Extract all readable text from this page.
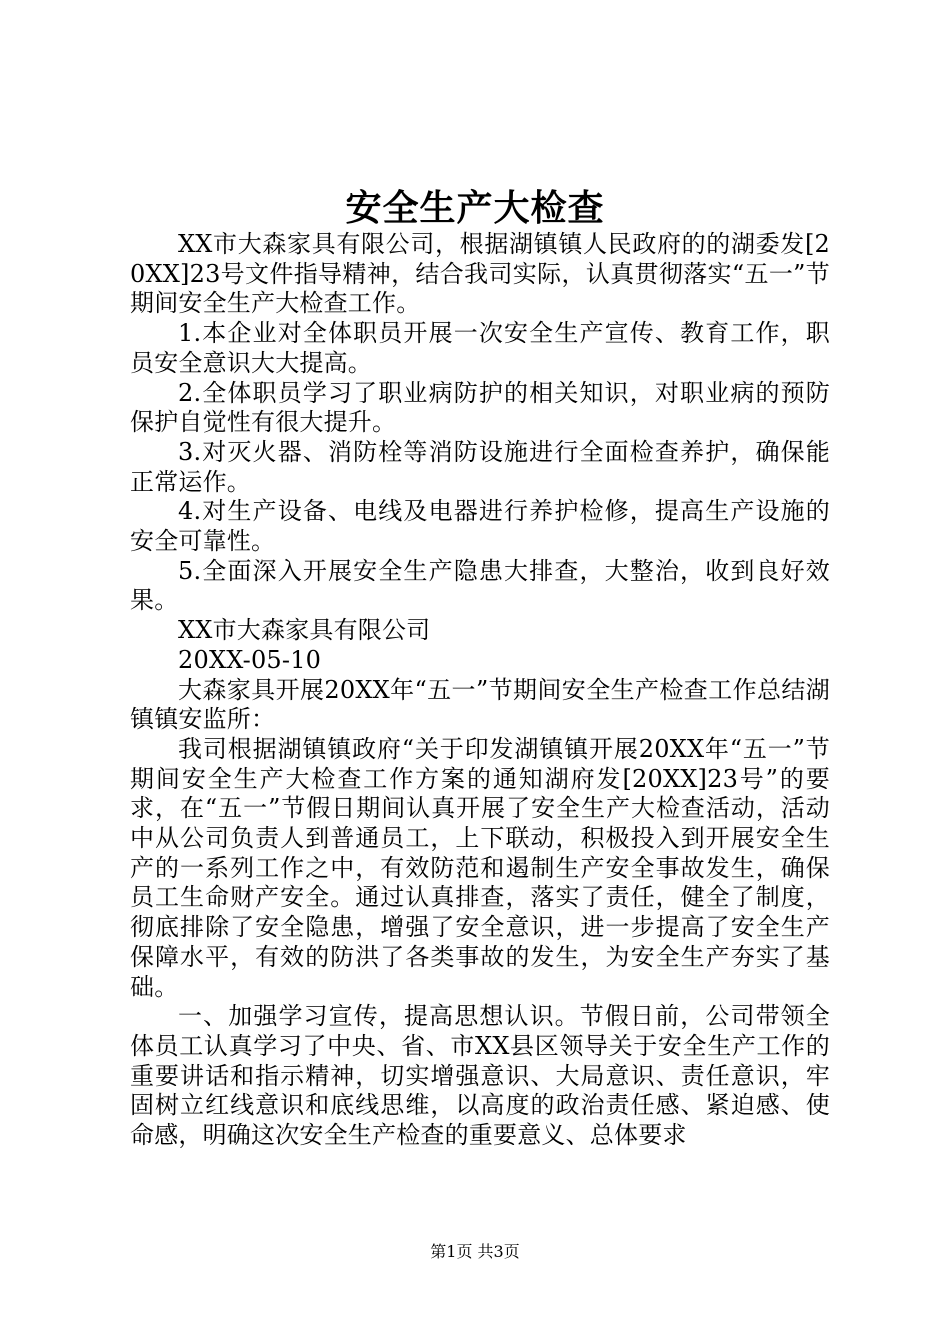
安全生产大检查

XX市大森家具有限公司，根据湖镇镇人民政府的的湖委发[20XX]23号文件指导精神，结合我司实际，认真贯彻落实“五一”节期间安全生产大检查工作。

1.本企业对全体职员开展一次安全生产宣传、教育工作，职员安全意识大大提高。

2.全体职员学习了职业病防护的相关知识，对职业病的预防保护自觉性有很大提升。

3.对灭火器、消防栓等消防设施进行全面检查养护，确保能正常运作。

4.对生产设备、电线及电器进行养护检修，提高生产设施的安全可靠性。

5.全面深入开展安全生产隐患大排查，大整治，收到良好效果。

XX市大森家具有限公司

20XX-05-10

大森家具开展20XX年“五一”节期间安全生产检查工作总结湖镇镇安监所：

我司根据湖镇镇政府“关于印发湖镇镇开展20XX年“五一”节期间安全生产大检查工作方案的通知湖府发[20XX]23号”的要求，在“五一”节假日期间认真开展了安全生产大检查活动，活动中从公司负责人到普通员工，上下联动，积极投入到开展安全生产的一系列工作之中，有效防范和遏制生产安全事故发生，确保员工生命财产安全。通过认真排查，落实了责任，健全了制度，彻底排除了安全隐患，增强了安全意识，进一步提高了安全生产保障水平，有效的防洪了各类事故的发生，为安全生产夯实了基础。

一、加强学习宣传，提高思想认识。节假日前，公司带领全体员工认真学习了中央、省、市XX县区领导关于安全生产工作的重要讲话和指示精神，切实增强意识、大局意识、责任意识，牢固树立红线意识和底线思维，以高度的政治责任感、紧迫感、使命感，明确这次安全生产检查的重要意义、总体要求

第1页 共3页
